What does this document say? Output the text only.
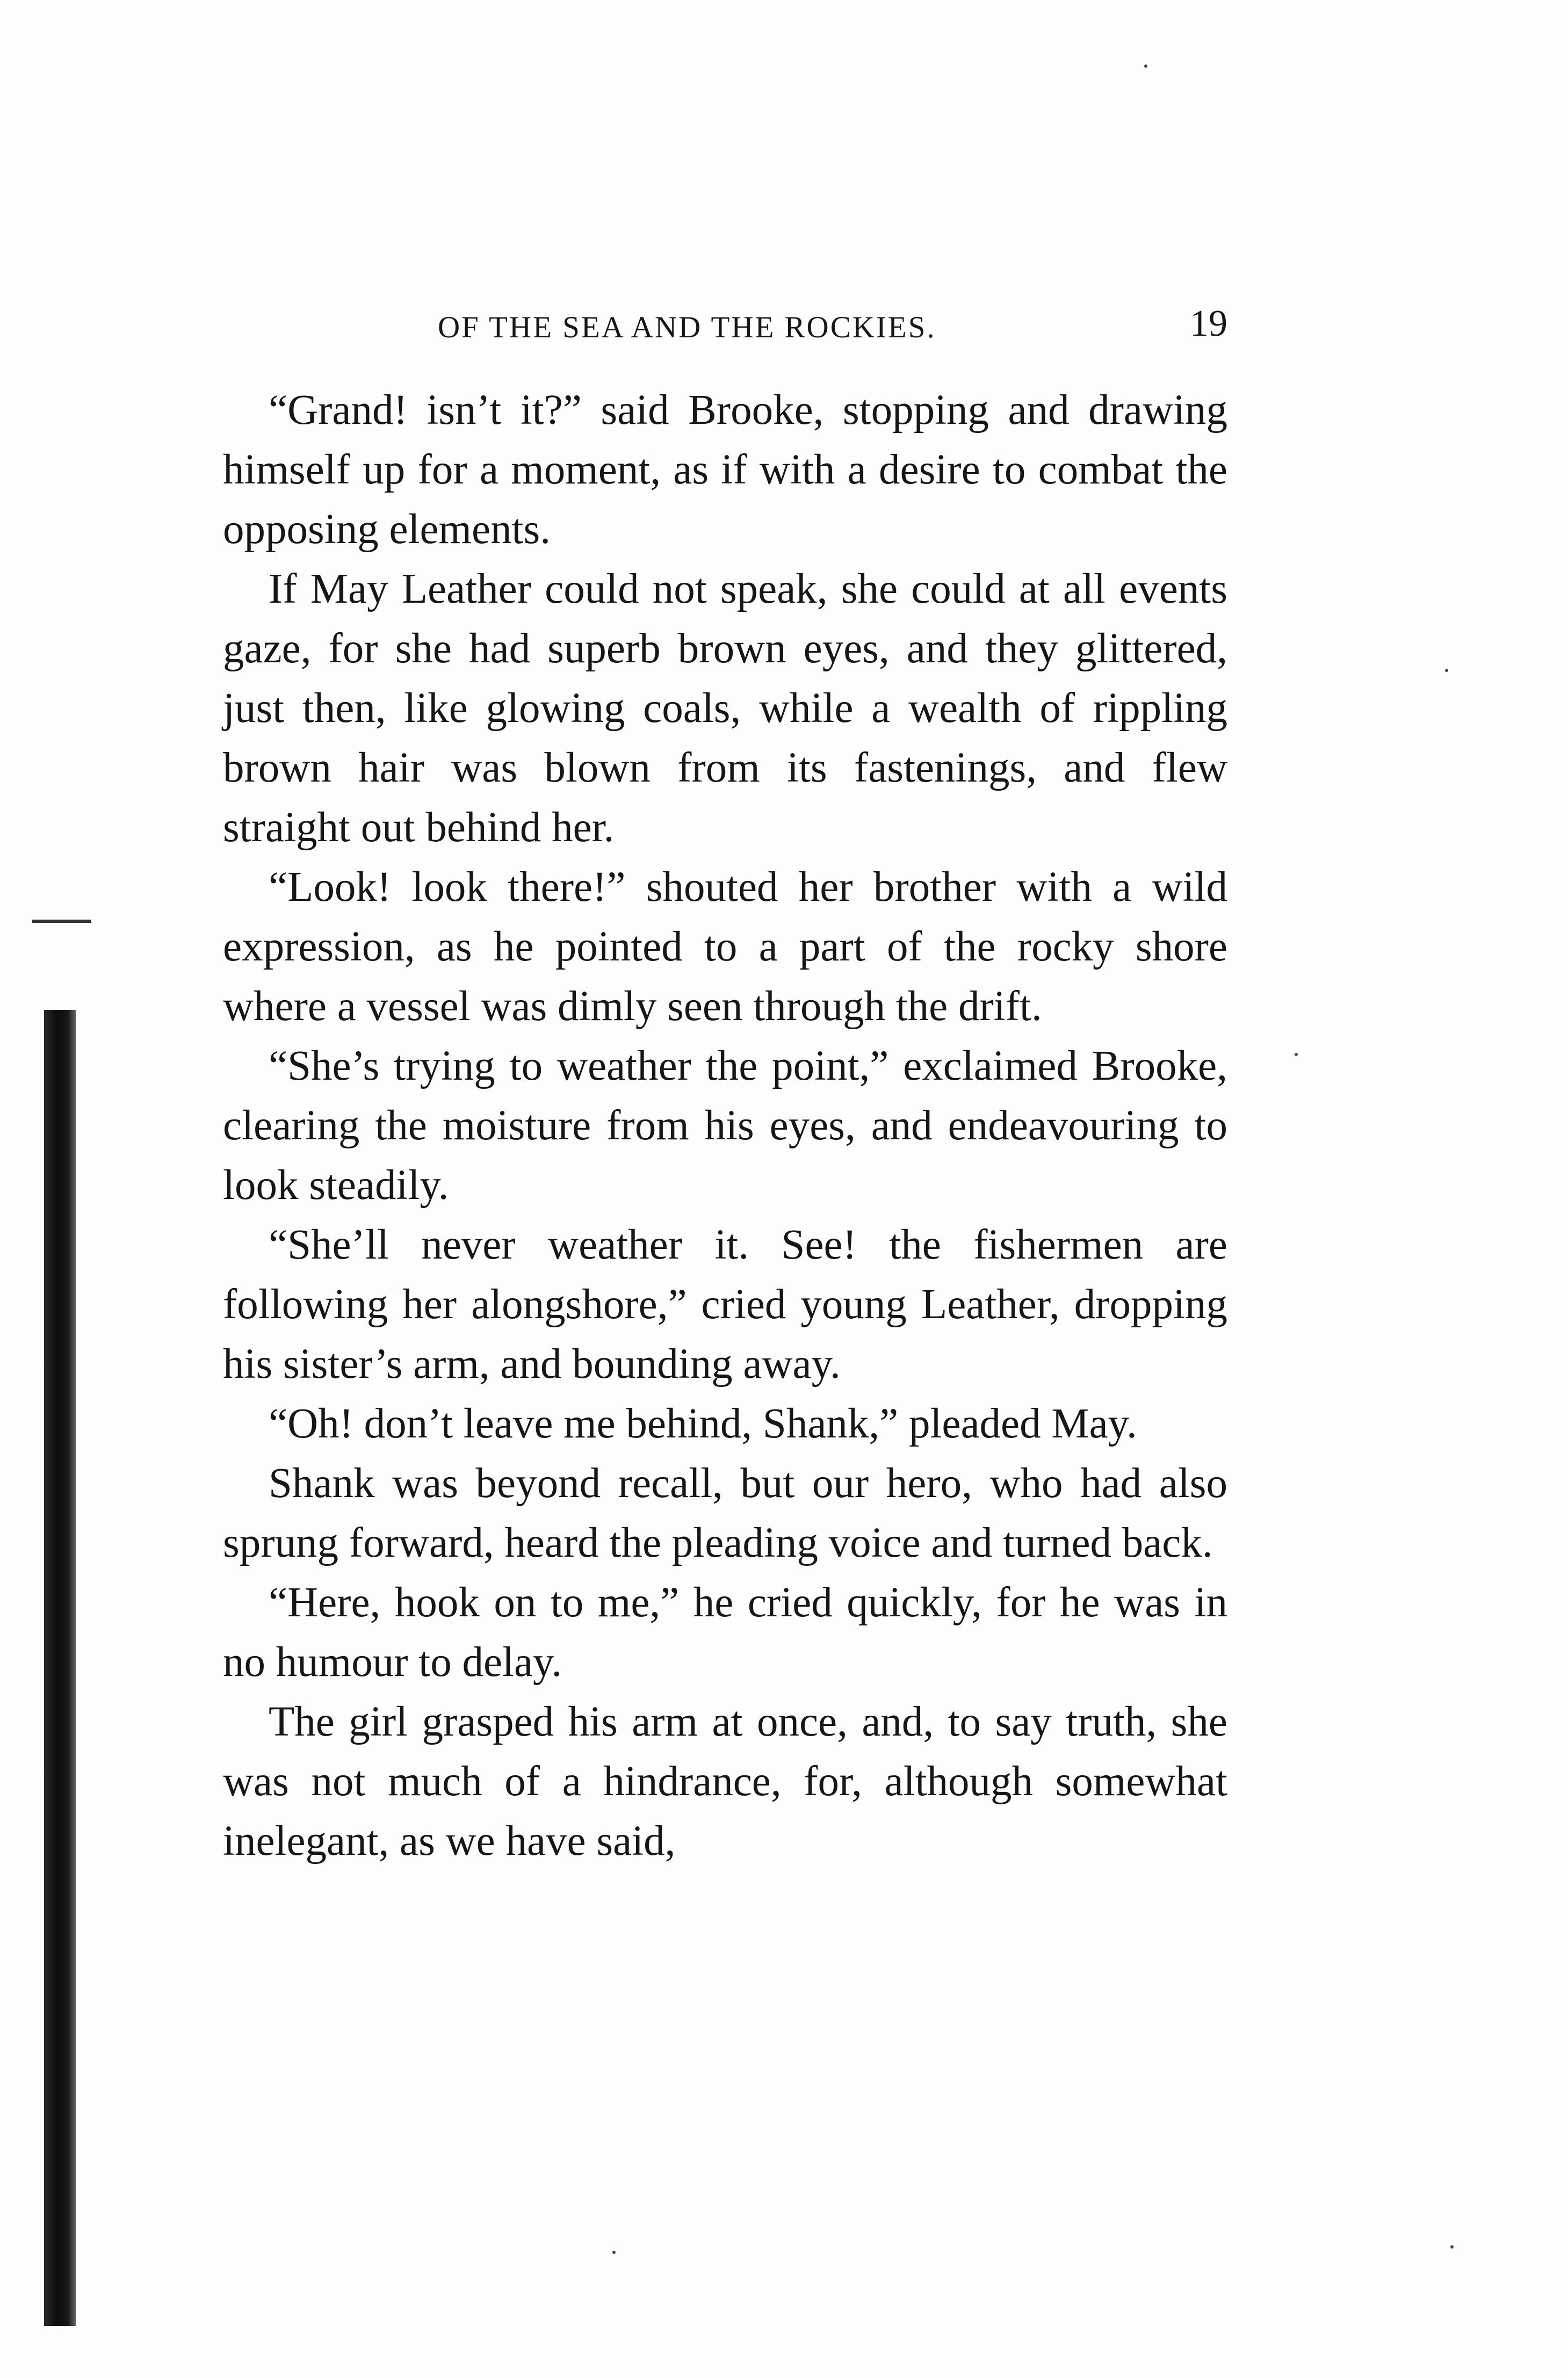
OF THE SEA AND THE ROCKIES.	19

“Grand! isn’t it?” said Brooke, stopping and drawing himself up for a moment, as if with a desire to combat the opposing elements.

If May Leather could not speak, she could at all events gaze, for she had superb brown eyes, and they glittered, just then, like glowing coals, while a wealth of rippling brown hair was blown from its fastenings, and flew straight out behind her.

“Look! look there!” shouted her brother with a wild expression, as he pointed to a part of the rocky shore where a vessel was dimly seen through the drift.

“She’s trying to weather the point,” exclaimed Brooke, clearing the moisture from his eyes, and endeavouring to look steadily.

“She’ll never weather it. See! the fishermen are following her alongshore,” cried young Leather, dropping his sister’s arm, and bounding away.

“Oh! don’t leave me behind, Shank,” pleaded May.

Shank was beyond recall, but our hero, who had also sprung forward, heard the pleading voice and turned back.

“Here, hook on to me,” he cried quickly, for he was in no humour to delay.

The girl grasped his arm at once, and, to say truth, she was not much of a hindrance, for, although somewhat inelegant, as we have said,
